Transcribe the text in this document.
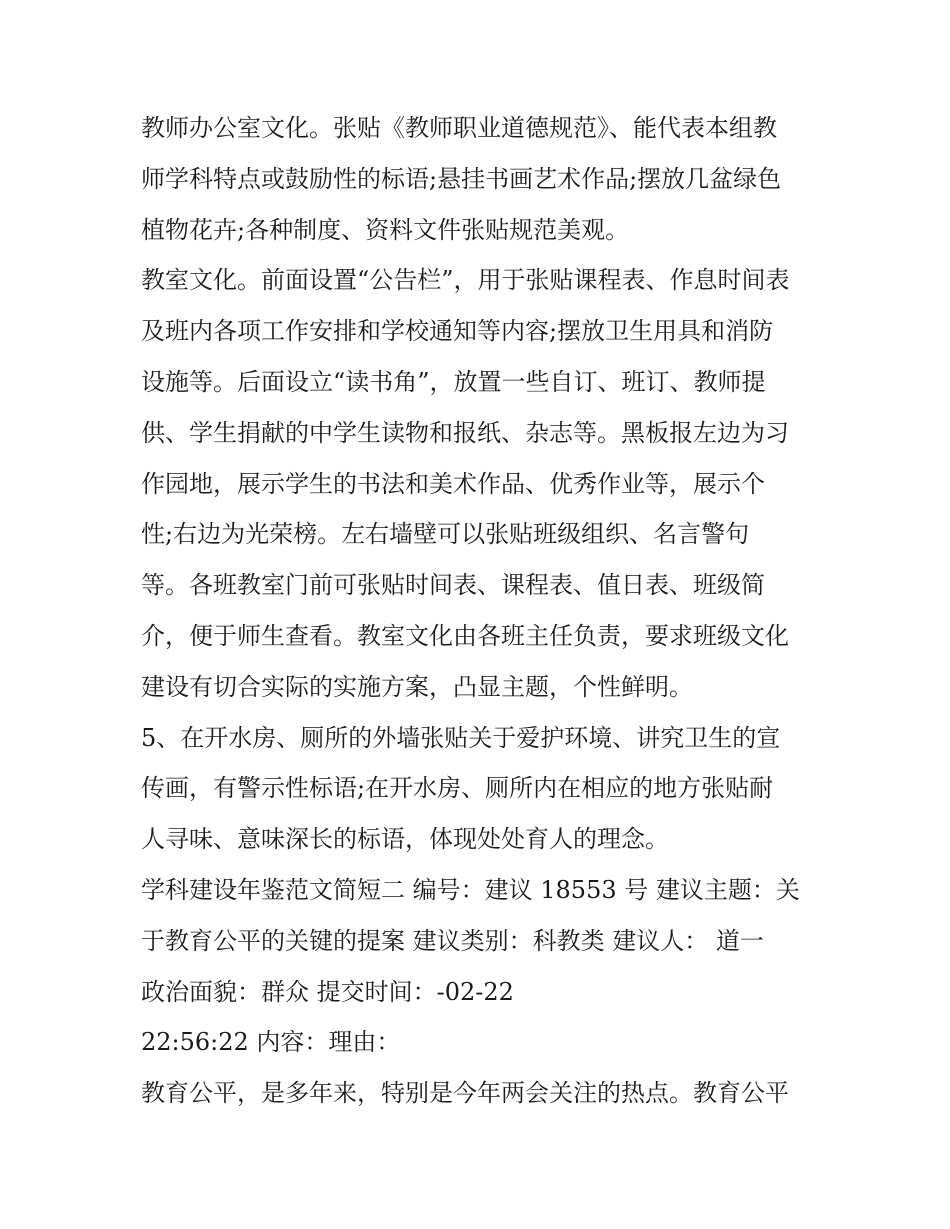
教师办公室文化。张贴《教师职业道德规范》、能代表本组教
师学科特点或鼓励性的标语;悬挂书画艺术作品;摆放几盆绿色
植物花卉;各种制度、资料文件张贴规范美观。
教室文化。前面设置“公告栏”，用于张贴课程表、作息时间表
及班内各项工作安排和学校通知等内容;摆放卫生用具和消防
设施等。后面设立“读书角”，放置一些自订、班订、教师提
供、学生捐献的中学生读物和报纸、杂志等。黑板报左边为习
作园地，展示学生的书法和美术作品、优秀作业等，展示个
性;右边为光荣榜。左右墙壁可以张贴班级组织、名言警句
等。各班教室门前可张贴时间表、课程表、值日表、班级简
介，便于师生查看。教室文化由各班主任负责，要求班级文化
建设有切合实际的实施方案，凸显主题，个性鲜明。
5、在开水房、厕所的外墙张贴关于爱护环境、讲究卫生的宣
传画，有警示性标语;在开水房、厕所内在相应的地方张贴耐
人寻味、意味深长的标语，体现处处育人的理念。
学科建设年鉴范文简短二 编号：建议 18553 号 建议主题：关
于教育公平的关键的提案 建议类别：科教类 建议人： 道一
政治面貌：群众 提交时间：-02-22
22:56:22 内容：理由：
教育公平，是多年来，特别是今年两会关注的热点。教育公平
